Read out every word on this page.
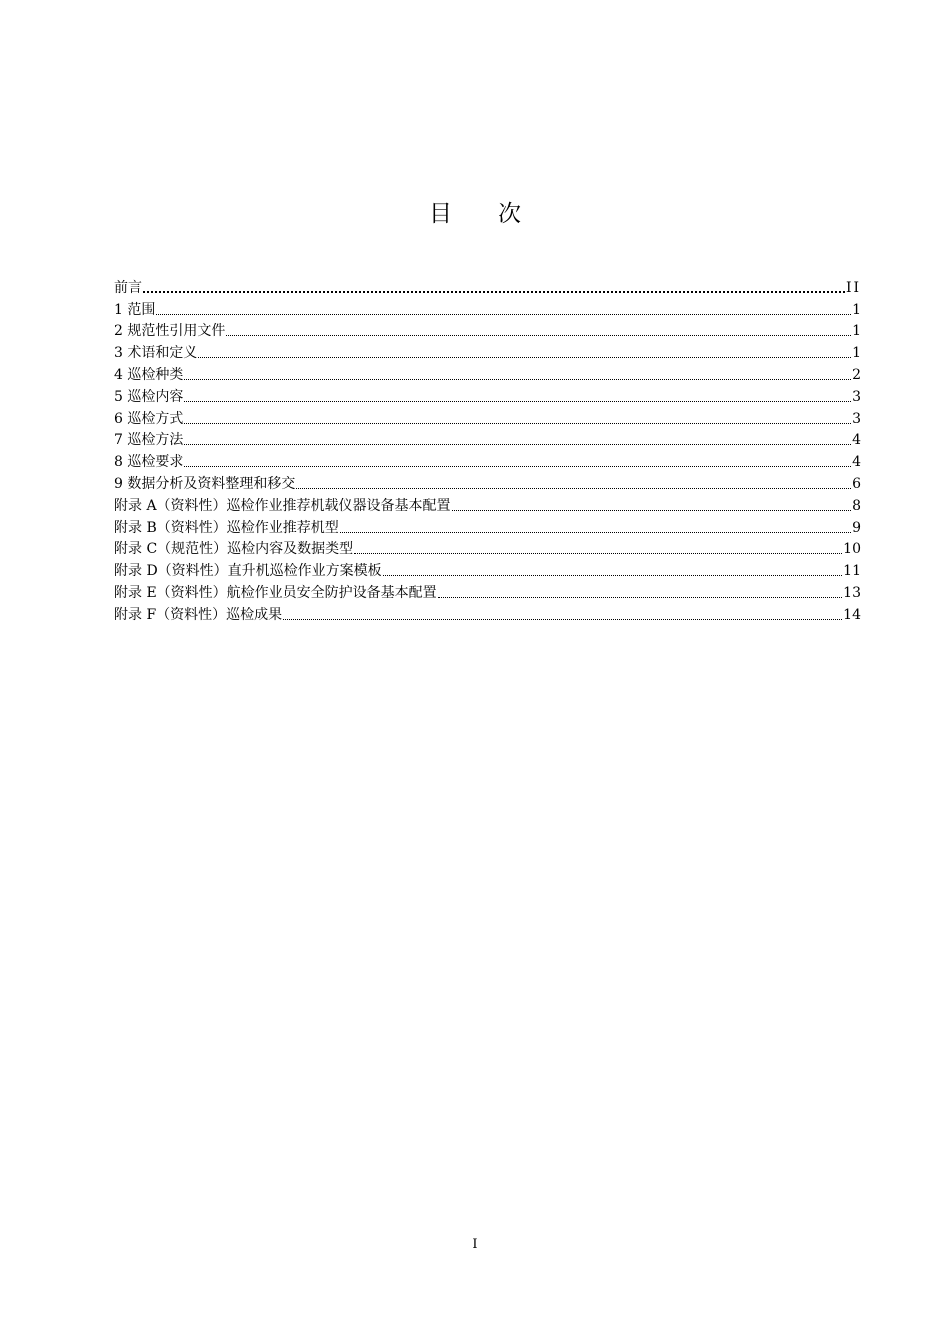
目　　次
前言	II
1 范围	1
2 规范性引用文件	1
3 术语和定义	1
4 巡检种类	2
5 巡检内容	3
6 巡检方式	3
7 巡检方法	4
8 巡检要求	4
9 数据分析及资料整理和移交	6
附录 A（资料性）巡检作业推荐机载仪器设备基本配置	8
附录 B（资料性）巡检作业推荐机型	9
附录 C（规范性）巡检内容及数据类型	10
附录 D（资料性）直升机巡检作业方案模板	11
附录 E（资料性）航检作业员安全防护设备基本配置	13
附录 F（资料性）巡检成果	14
I
